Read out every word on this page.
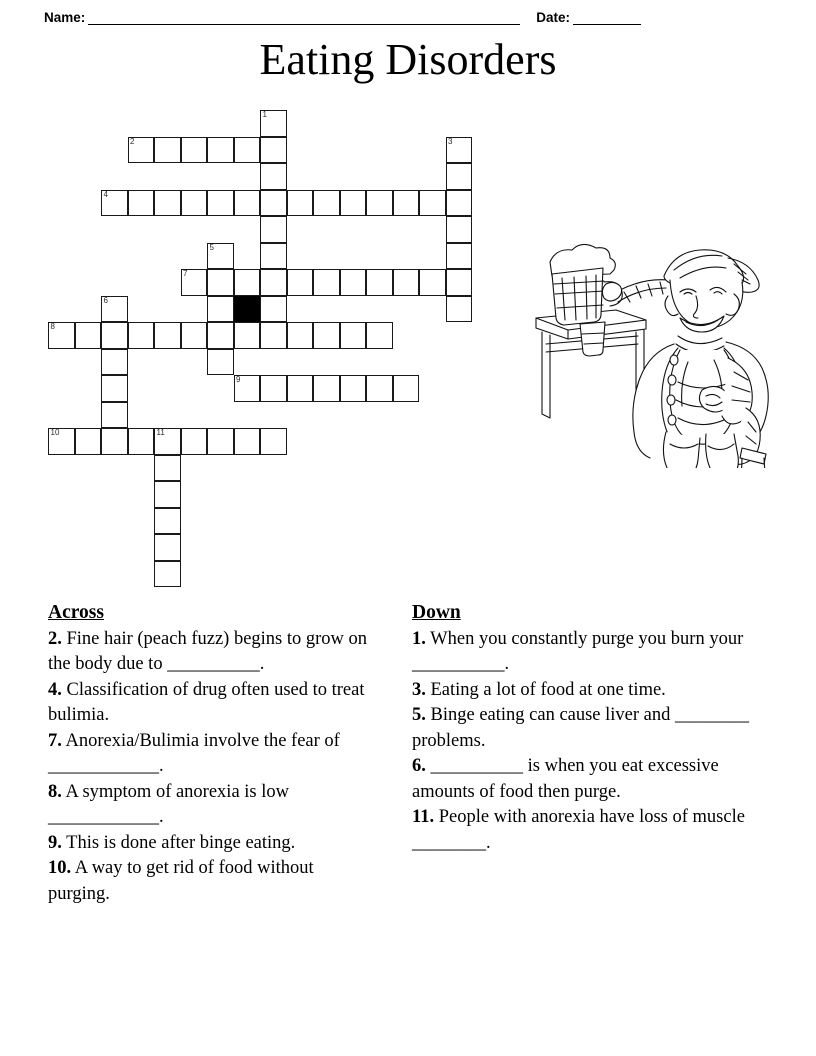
Name:	Date:
Eating Disorders
1
2	3
4
5
7
6
8
9
10	11
Across
2. Fine hair (peach fuzz) begins to grow on the body due to __________.
4. Classification of drug often used to treat bulimia.
7. Anorexia/Bulimia involve the fear of ____________.
8. A symptom of anorexia is low ____________.
9. This is done after binge eating.
10. A way to get rid of food without purging.
Down
1. When you constantly purge you burn your __________.
3. Eating a lot of food at one time.
5. Binge eating can cause liver and ________ problems.
6. __________ is when you eat excessive amounts of food then purge.
11. People with anorexia have loss of muscle ________.
